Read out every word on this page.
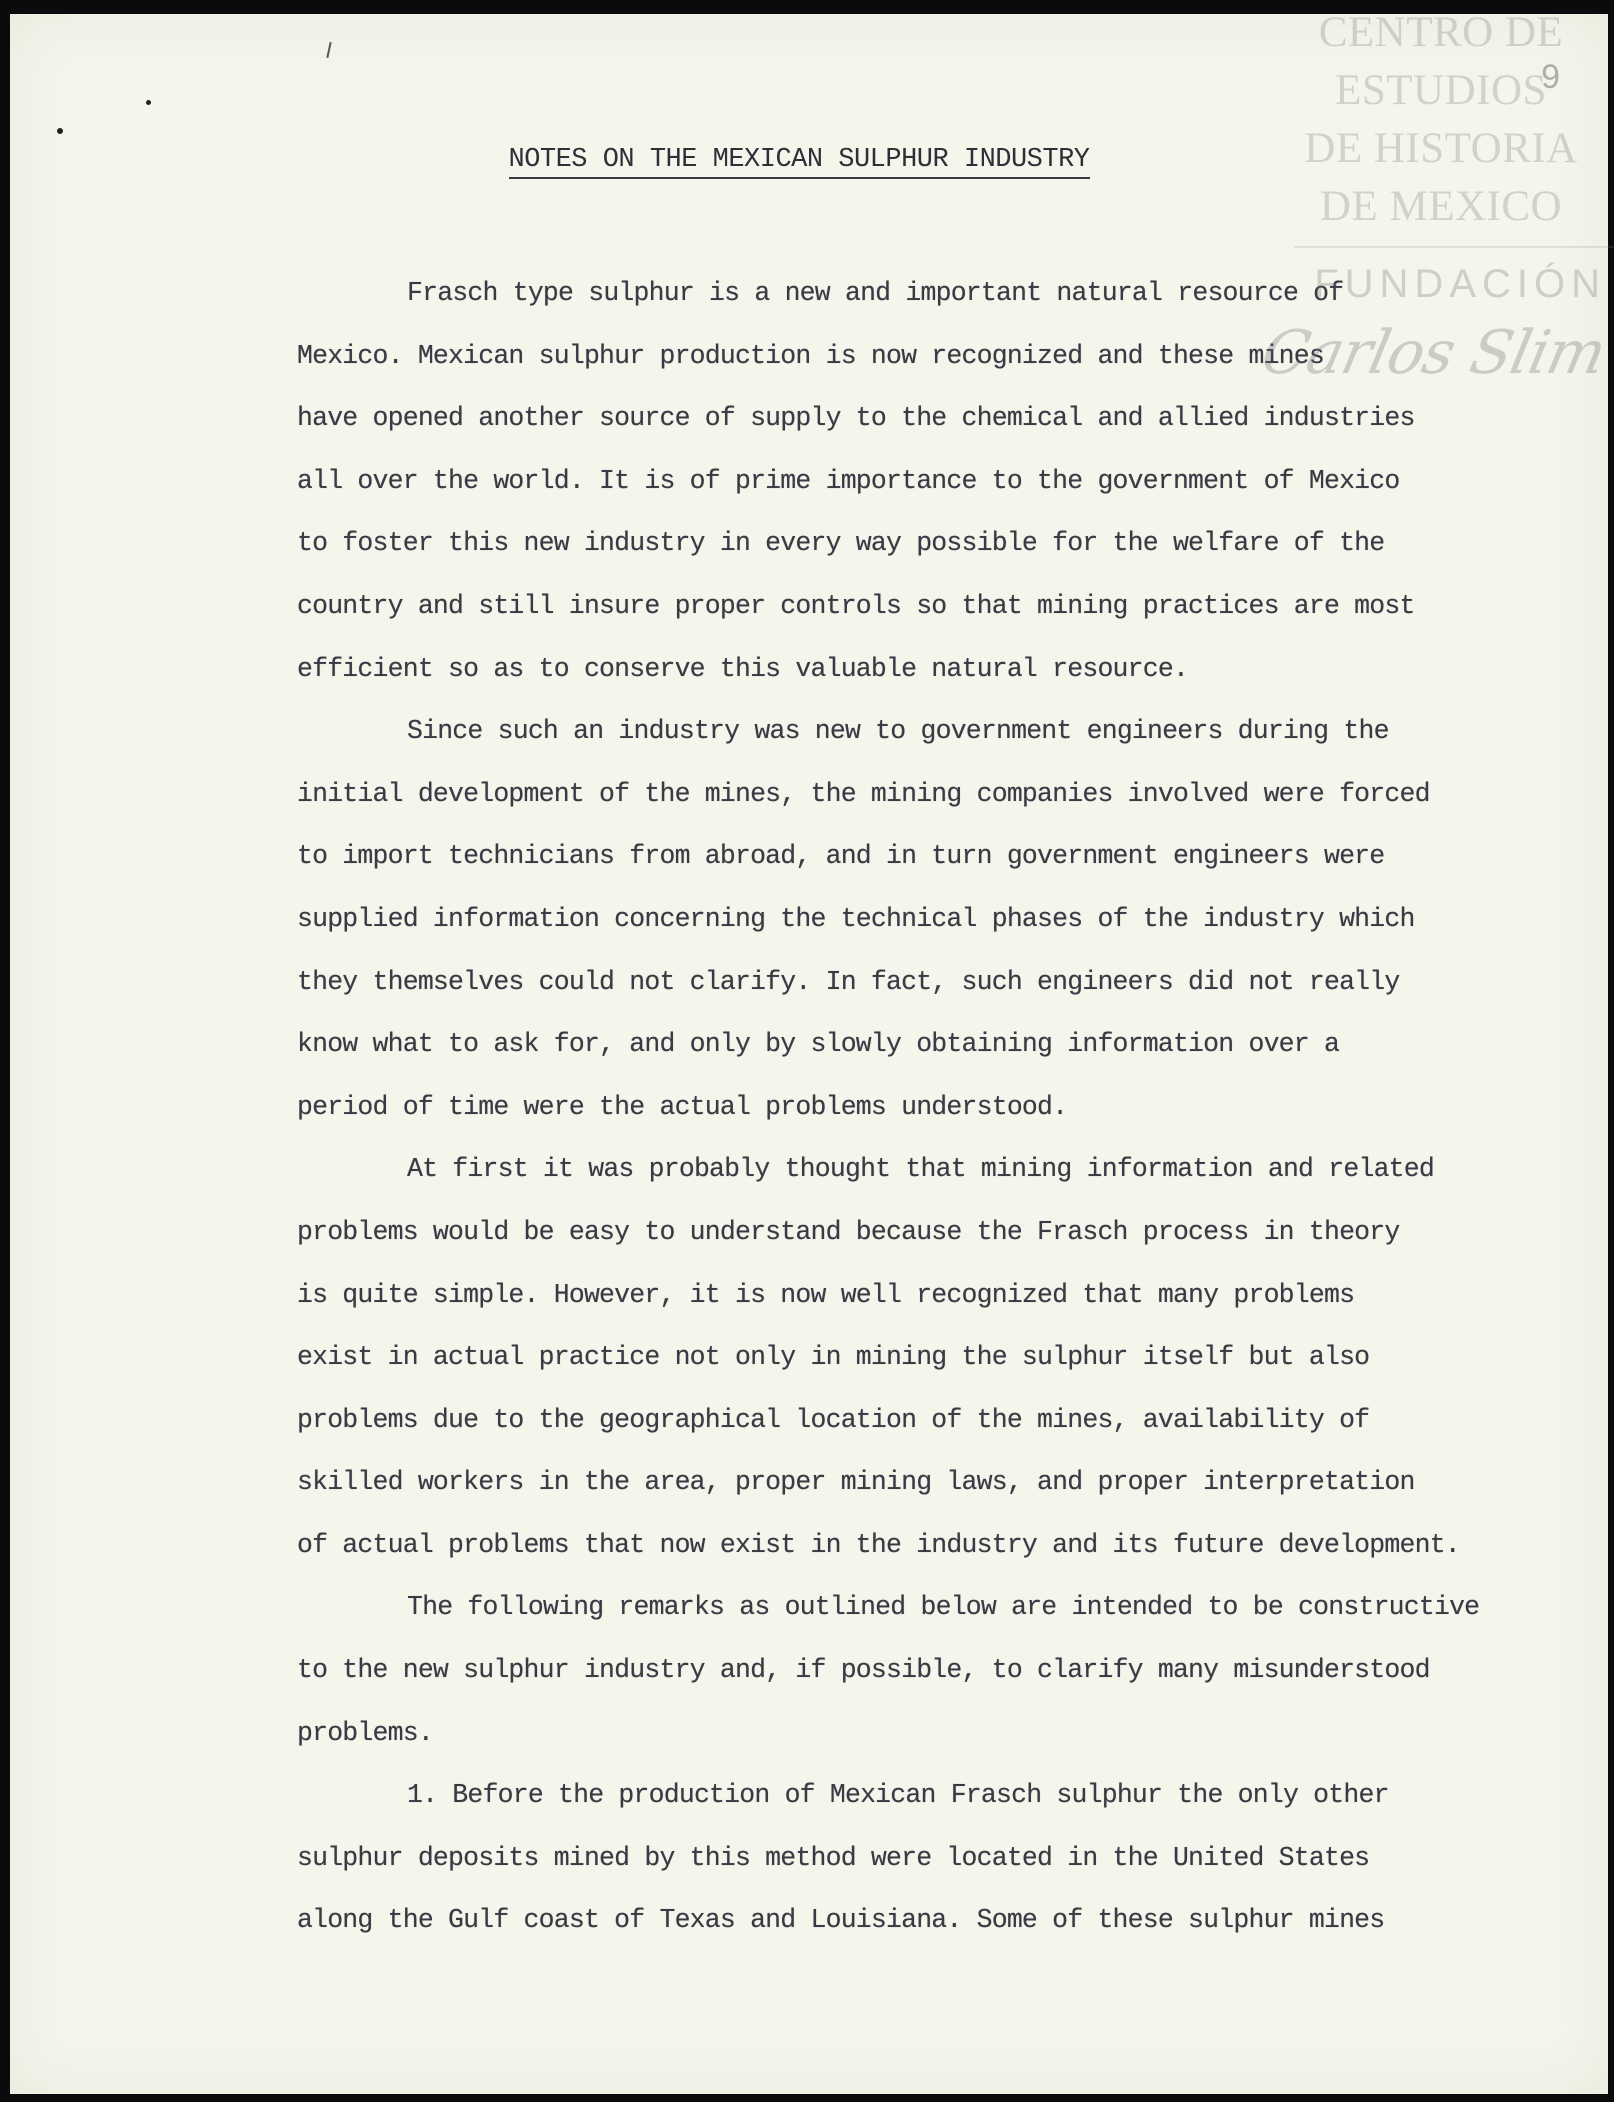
NOTES ON THE MEXICAN SULPHUR INDUSTRY

Frasch type sulphur is a new and important natural resource of
Mexico. Mexican sulphur production is now recognized and these mines
have opened another source of supply to the chemical and allied industries
all over the world. It is of prime importance to the government of Mexico
to foster this new industry in every way possible for the welfare of the
country and still insure proper controls so that mining practices are most
efficient so as to conserve this valuable natural resource.

Since such an industry was new to government engineers during the
initial development of the mines, the mining companies involved were forced
to import technicians from abroad, and in turn government engineers were
supplied information concerning the technical phases of the industry which
they themselves could not clarify. In fact, such engineers did not really
know what to ask for, and only by slowly obtaining information over a
period of time were the actual problems understood.

At first it was probably thought that mining information and related
problems would be easy to understand because the Frasch process in theory
is quite simple. However, it is now well recognized that many problems
exist in actual practice not only in mining the sulphur itself but also
problems due to the geographical location of the mines, availability of
skilled workers in the area, proper mining laws, and proper interpretation
of actual problems that now exist in the industry and its future development.

The following remarks as outlined below are intended to be constructive
to the new sulphur industry and, if possible, to clarify many misunderstood
problems.

1. Before the production of Mexican Frasch sulphur the only other
sulphur deposits mined by this method were located in the United States
along the Gulf coast of Texas and Louisiana. Some of these sulphur mines

9
CENTRO DE
ESTUDIOS
DE HISTORIA
DE MEXICO
FUNDACIÓN
Carlos Slim
